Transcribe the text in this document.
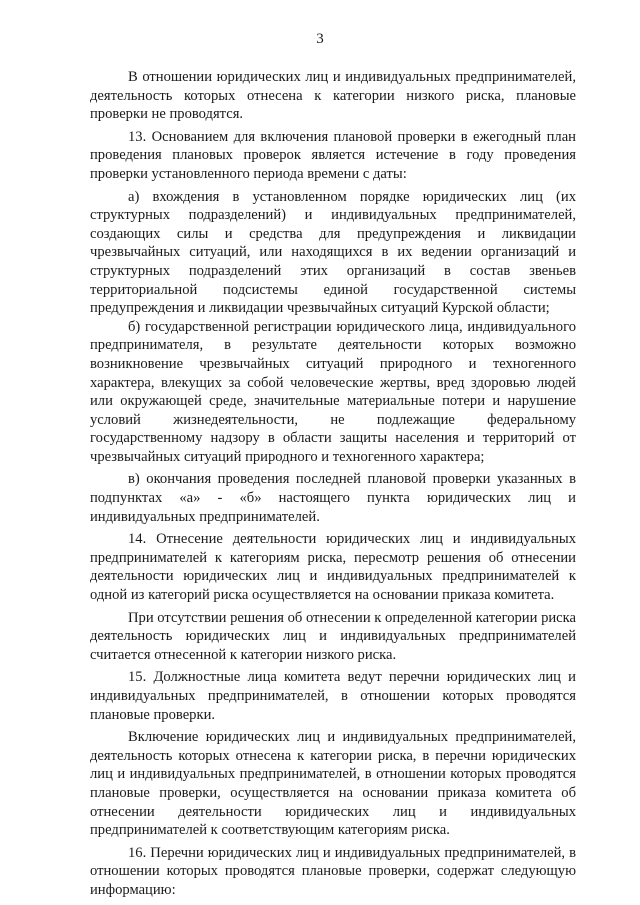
3

В отношении юридических лиц и индивидуальных предпринимателей, деятельность которых отнесена к категории низкого риска, плановые проверки не проводятся.

13. Основанием для включения плановой проверки в ежегодный план проведения плановых проверок является истечение в году проведения проверки установленного периода времени с даты:

а) вхождения в установленном порядке юридических лиц (их структурных подразделений) и индивидуальных предпринимателей, создающих силы и средства для предупреждения и ликвидации чрезвычайных ситуаций, или находящихся в их ведении организаций и структурных подразделений этих организаций в состав звеньев территориальной подсистемы единой государственной системы предупреждения и ликвидации чрезвычайных ситуаций Курской области;

б) государственной регистрации юридического лица, индивидуального предпринимателя, в результате деятельности которых возможно возникновение чрезвычайных ситуаций природного и техногенного характера, влекущих за собой человеческие жертвы, вред здоровью людей или окружающей среде, значительные материальные потери и нарушение условий жизнедеятельности, не подлежащие федеральному государственному надзору в области защиты населения и территорий от чрезвычайных ситуаций природного и техногенного характера;

в) окончания проведения последней плановой проверки указанных в подпунктах «а» - «б» настоящего пункта юридических лиц и индивидуальных предпринимателей.

14. Отнесение деятельности юридических лиц и индивидуальных предпринимателей к категориям риска, пересмотр решения об отнесении деятельности юридических лиц и индивидуальных предпринимателей к одной из категорий риска осуществляется на основании приказа комитета.

При отсутствии решения об отнесении к определенной категории риска деятельность юридических лиц и индивидуальных предпринимателей считается отнесенной к категории низкого риска.

15. Должностные лица комитета ведут перечни юридических лиц и индивидуальных предпринимателей, в отношении которых проводятся плановые проверки.

Включение юридических лиц и индивидуальных предпринимателей, деятельность которых отнесена к категории риска, в перечни юридических лиц и индивидуальных предпринимателей, в отношении которых проводятся плановые проверки, осуществляется на основании приказа комитета об отнесении деятельности юридических лиц и индивидуальных предпринимателей к соответствующим категориям риска.

16. Перечни юридических лиц и индивидуальных предпринимателей, в отношении которых проводятся плановые проверки, содержат следующую информацию:
